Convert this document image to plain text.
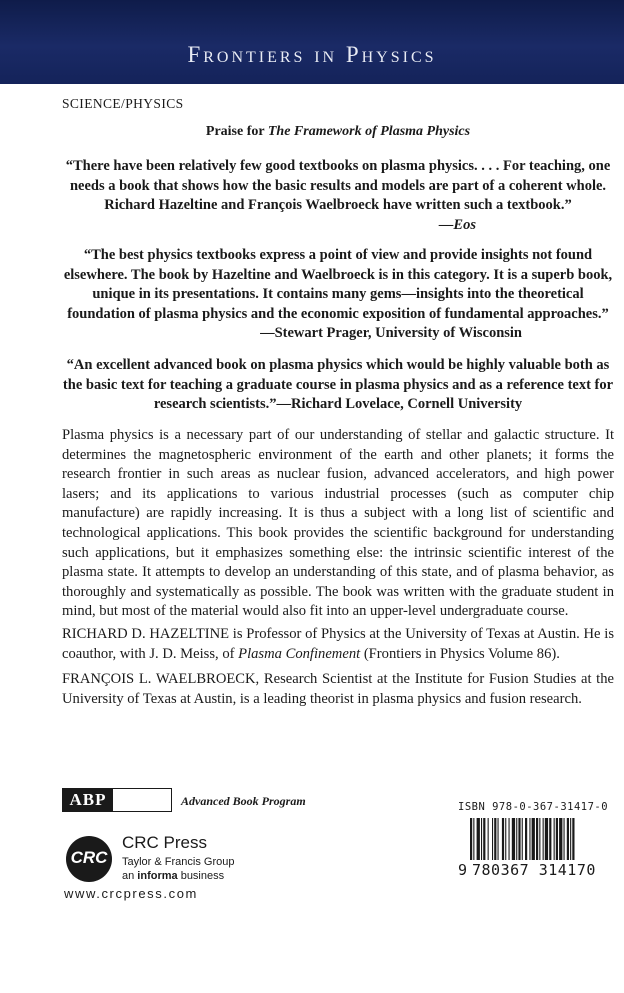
Frontiers in Physics
SCIENCE/PHYSICS
Praise for The Framework of Plasma Physics
“There have been relatively few good textbooks on plasma physics. . . . For teaching, one needs a book that shows how the basic results and models are part of a coherent whole. Richard Hazeltine and François Waelbroeck have written such a textbook.”
—Eos
“The best physics textbooks express a point of view and provide insights not found elsewhere. The book by Hazeltine and Waelbroeck is in this category. It is a superb book, unique in its presentations. It contains many gems—insights into the theoretical foundation of plasma physics and the economic exposition of fundamental approaches.”
—Stewart Prager, University of Wisconsin
“An excellent advanced book on plasma physics which would be highly valuable both as the basic text for teaching a graduate course in plasma physics and as a reference text for research scientists.”—Richard Lovelace, Cornell University
Plasma physics is a necessary part of our understanding of stellar and galactic structure. It determines the magnetospheric environment of the earth and other planets; it forms the research frontier in such areas as nuclear fusion, advanced accelerators, and high power lasers; and its applications to various industrial processes (such as computer chip manufacture) are rapidly increasing. It is thus a subject with a long list of scientific and technological applications. This book provides the scientific background for understanding such applications, but it emphasizes something else: the intrinsic scientific interest of the plasma state. It attempts to develop an understanding of this state, and of plasma behavior, as thoroughly and systematically as possible. The book was written with the graduate student in mind, but most of the material would also fit into an upper-level undergraduate course.
RICHARD D. HAZELTINE is Professor of Physics at the University of Texas at Austin. He is coauthor, with J. D. Meiss, of Plasma Confinement (Frontiers in Physics Volume 86).
FRANÇOIS L. WAELBROECK, Research Scientist at the Institute for Fusion Studies at the University of Texas at Austin, is a leading theorist in plasma physics and fusion research.
ABP	Advanced Book Program
CRC
CRC Press
Taylor & Francis Group
an informa business
www.crcpress.com
ISBN 978-0-367-31417-0
9 780367 314170
